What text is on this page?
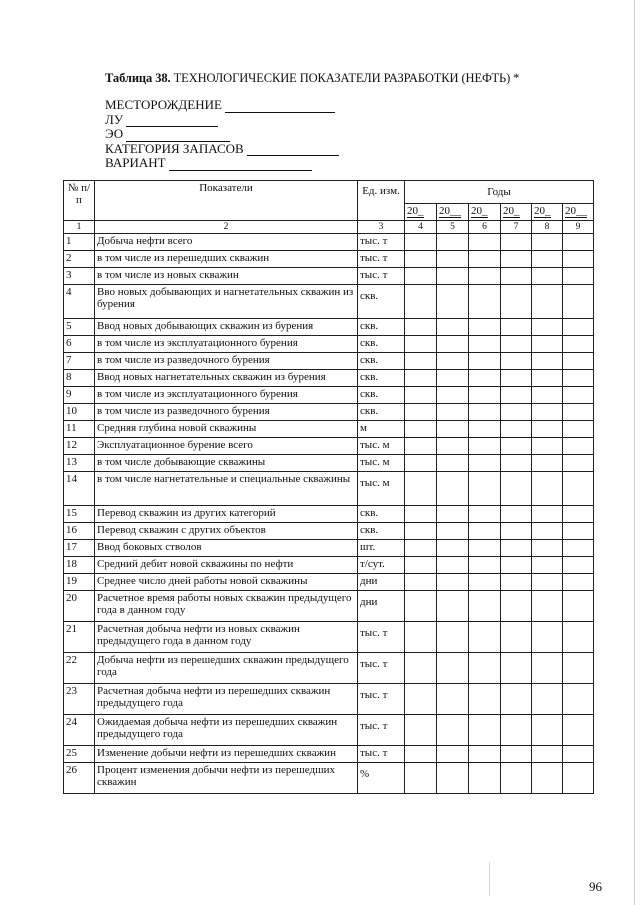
Таблица 38. ТЕХНОЛОГИЧЕСКИЕ ПОКАЗАТЕЛИ РАЗРАБОТКИ (НЕФТЬ) *
МЕСТОРОЖДЕНИЕ
ЛУ
ЭО
КАТЕГОРИЯ ЗАПАСОВ
ВАРИАНТ
№ п/п	Показатели	Ед. изм.	Годы					
			20_	20__	20_	20_	20_	20__
1	2	3	4	5	6	7	8	9
1	Добыча нефти всего	тыс. т						
2	в том числе из перешедших скважин	тыс. т						
3	в том числе из новых скважин	тыс. т						
4	Вво новых добывающих и нагнетательных скважин из бурения	скв.						
5	Ввод новых добывающих скважин из бурения	скв.						
6	в том числе из эксплуатационного бурения	скв.						
7	в том числе из разведочного бурения	скв.						
8	Ввод новых нагнетательных скважин из бурения	скв.						
9	в том числе из эксплуатационного бурения	скв.						
10	в том числе из разведочного бурения	скв.						
11	Средняя глубина новой скважины	м						
12	Эксплуатационное бурение всего	тыс. м						
13	в том числе добывающие скважины	тыс. м						
14	в том числе нагнетательные и специальные скважины	тыс. м						
15	Перевод скважин из других категорий	скв.						
16	Перевод скважин с других объектов	скв.						
17	Ввод боковых стволов	шт.						
18	Средний дебит новой скважины по нефти	т/сут.						
19	Среднее число дней работы новой скважины	дни						
20	Расчетное время работы новых скважин предыдущего года в данном году	дни						
21	Расчетная добыча нефти из новых скважин предыдущего года в данном году	тыс. т						
22	Добыча нефти из перешедших скважин предыдущего года	тыс. т						
23	Расчетная добыча нефти из перешедших скважин предыдущего года	тыс. т						
24	Ожидаемая добыча нефти из перешедших скважин предыдущего года	тыс. т						
25	Изменение добычи нефти из перешедших скважин	тыс. т						
26	Процент изменения добычи нефти из перешедших скважин	%						
96
